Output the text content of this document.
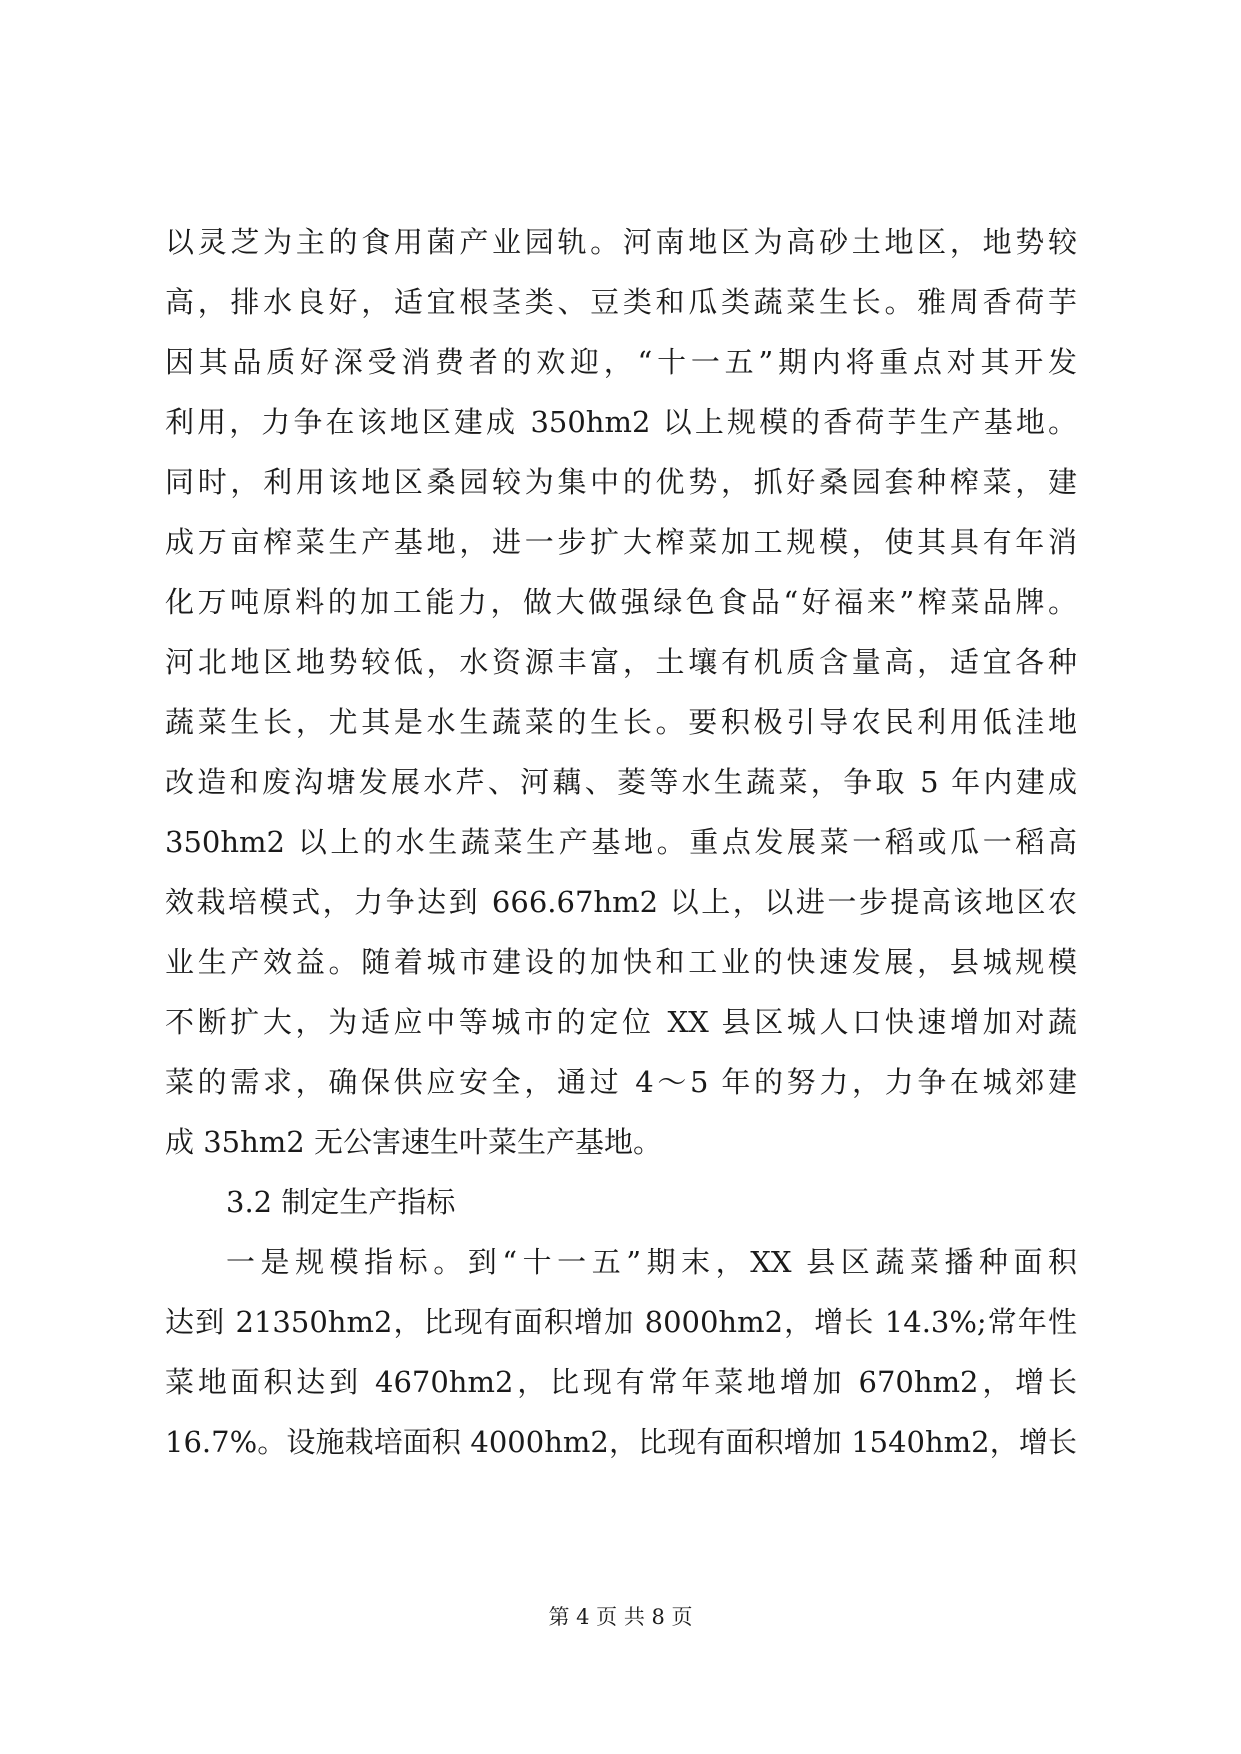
以灵芝为主的食用菌产业园轨。河南地区为高砂土地区，地势较
高，排水良好，适宜根茎类、豆类和瓜类蔬菜生长。雅周香荷芋
因其品质好深受消费者的欢迎，“十一五”期内将重点对其开发
利用，力争在该地区建成 350hm2 以上规模的香荷芋生产基地。
同时，利用该地区桑园较为集中的优势，抓好桑园套种榨菜，建
成万亩榨菜生产基地，进一步扩大榨菜加工规模，使其具有年消
化万吨原料的加工能力，做大做强绿色食品“好福来”榨菜品牌。
河北地区地势较低，水资源丰富，土壤有机质含量高，适宜各种
蔬菜生长，尤其是水生蔬菜的生长。要积极引导农民利用低洼地
改造和废沟塘发展水芹、河藕、菱等水生蔬菜，争取 5 年内建成
350hm2 以上的水生蔬菜生产基地。重点发展菜一稻或瓜一稻高
效栽培模式，力争达到 666.67hm2 以上，以进一步提高该地区农
业生产效益。随着城市建设的加快和工业的快速发展，县城规模
不断扩大，为适应中等城市的定位 XX 县区城人口快速增加对蔬
菜的需求，确保供应安全，通过 4～5 年的努力，力争在城郊建
成 35hm2 无公害速生叶菜生产基地。
3.2 制定生产指标
一是规模指标。到“十一五”期末，XX 县区蔬菜播种面积
达到 21350hm2，比现有面积增加 8000hm2，增长 14.3%;常年性
菜地面积达到 4670hm2，比现有常年菜地增加 670hm2，增长
16.7%。设施栽培面积 4000hm2，比现有面积增加 1540hm2，增长
第 4 页 共 8 页
